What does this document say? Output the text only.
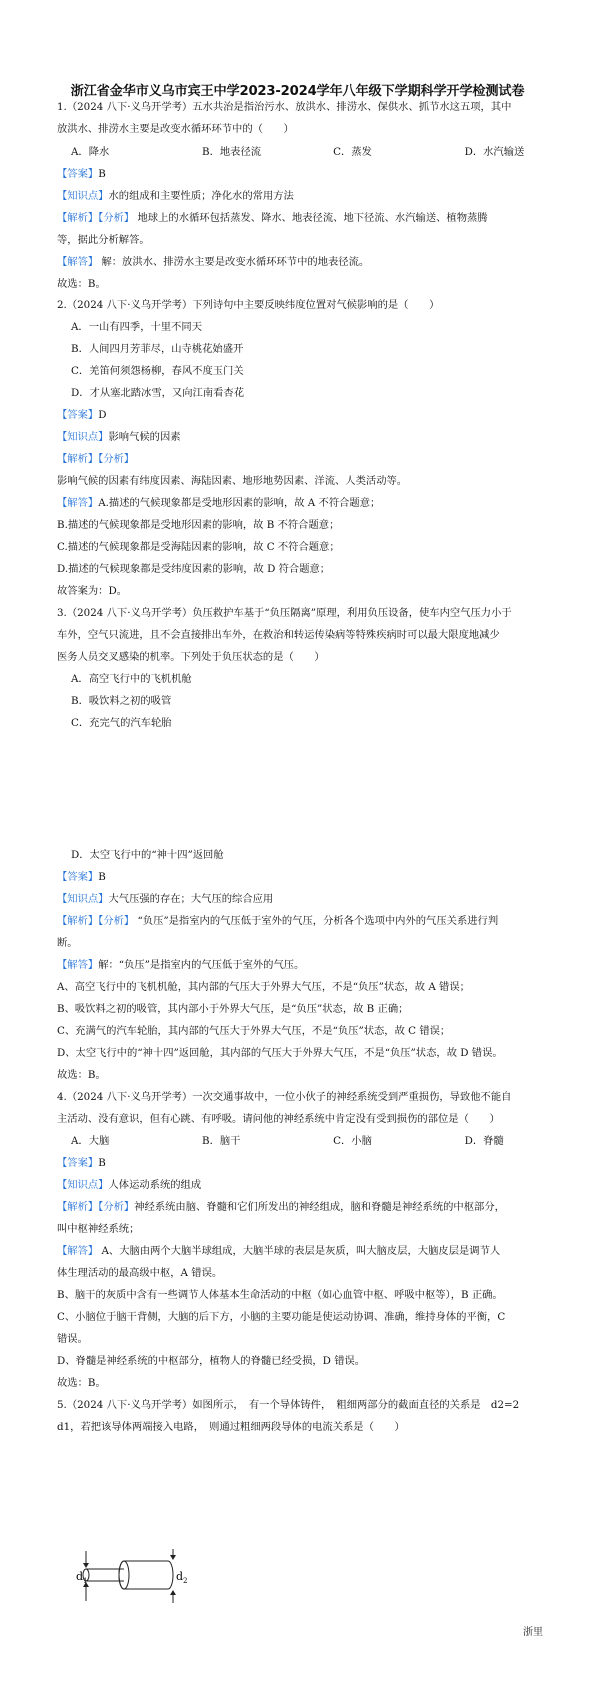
浙江省金华市义乌市宾王中学2023-2024学年八年级下学期科学开学检测试卷
1.（2024 八下·义乌开学考）五水共治是指治污水、放洪水、排涝水、保供水、抓节水这五项，其中
放洪水、排涝水主要是改变水循环环节中的（　　）
A．降水　　　　　　　　　B．地表径流　　　　　　　C．蒸发　　　　　　　　　D．水汽输送
【答案】B
【知识点】水的组成和主要性质；净化水的常用方法
【解析】【分析】 地球上的水循环包括蒸发、降水、地表径流、地下径流、水汽输送、植物蒸腾
等，据此分析解答。
【解答】 解：放洪水、排涝水主要是改变水循环环节中的地表径流。
故选：B。
2.（2024 八下·义乌开学考）下列诗句中主要反映纬度位置对气候影响的是（　　）
A．一山有四季，十里不同天
B．人间四月芳菲尽，山寺桃花始盛开
C．羌笛何须怨杨柳，春风不度玉门关
D．才从塞北踏冰雪，又向江南看杏花
【答案】D
【知识点】影响气候的因素
【解析】【分析】
影响气候的因素有纬度因素、海陆因素、地形地势因素、洋流、人类活动等。
【解答】A.描述的气候现象都是受地形因素的影响，故 A 不符合题意；
B.描述的气候现象都是受地形因素的影响，故 B 不符合题意；
C.描述的气候现象都是受海陆因素的影响，故 C 不符合题意；
D.描述的气候现象都是受纬度因素的影响，故 D 符合题意；
故答案为：D。
3.（2024 八下·义乌开学考）负压救护车基于“负压隔离”原理，利用负压设备，使车内空气压力小于
车外，空气只流进，且不会直接排出车外，在救治和转运传染病等特殊疾病时可以最大限度地减少
医务人员交叉感染的机率。下列处于负压状态的是（　　）
A．高空飞行中的飞机机舱
B．吸饮料之初的吸管
C．充完气的汽车轮胎
D．太空飞行中的“神十四”返回舱
【答案】B
【知识点】大气压强的存在；大气压的综合应用
【解析】【分析】 “负压”是指室内的气压低于室外的气压，分析各个选项中内外的气压关系进行判
断。
【解答】解：“负压”是指室内的气压低于室外的气压。
A、高空飞行中的飞机机舱，其内部的气压大于外界大气压，不是“负压”状态，故 A 错误；
B、吸饮料之初的吸管，其内部小于外界大气压，是“负压”状态，故 B 正确；
C、充满气的汽车轮胎，其内部的气压大于外界大气压，不是“负压”状态，故 C 错误；
D、太空飞行中的“神十四”返回舱，其内部的气压大于外界大气压，不是“负压”状态，故 D 错误。
故选：B。
4.（2024 八下·义乌开学考）一次交通事故中，一位小伙子的神经系统受到严重损伤，导致他不能自
主活动、没有意识，但有心跳、有呼吸。请问他的神经系统中肯定没有受到损伤的部位是（　　）
A．大脑　　　　　　　　　B．脑干　　　　　　　　　C．小脑　　　　　　　　　D．脊髓
【答案】B
【知识点】人体运动系统的组成
【解析】【分析】神经系统由脑、脊髓和它们所发出的神经组成，脑和脊髓是神经系统的中枢部分，
叫中枢神经系统；
【解答】 A、大脑由两个大脑半球组成，大脑半球的表层是灰质，叫大脑皮层，大脑皮层是调节人
体生理活动的最高级中枢，A 错误。
B、脑干的灰质中含有一些调节人体基本生命活动的中枢（如心血管中枢、呼吸中枢等），B 正确。
C、小脑位于脑干背侧，大脑的后下方，小脑的主要功能是使运动协调、准确，维持身体的平衡，C
错误。
D、脊髓是神经系统的中枢部分，植物人的脊髓已经受损，D 错误。
故选：B。
5.（2024 八下·义乌开学考）如图所示，　有一个导体铸件，　粗细两部分的截面直径的关系是　d2=2
d1，若把该导体两端接入电路，　则通过粗细两段导体的电流关系是（　　）
$d_1$	$d_2$
浙里
